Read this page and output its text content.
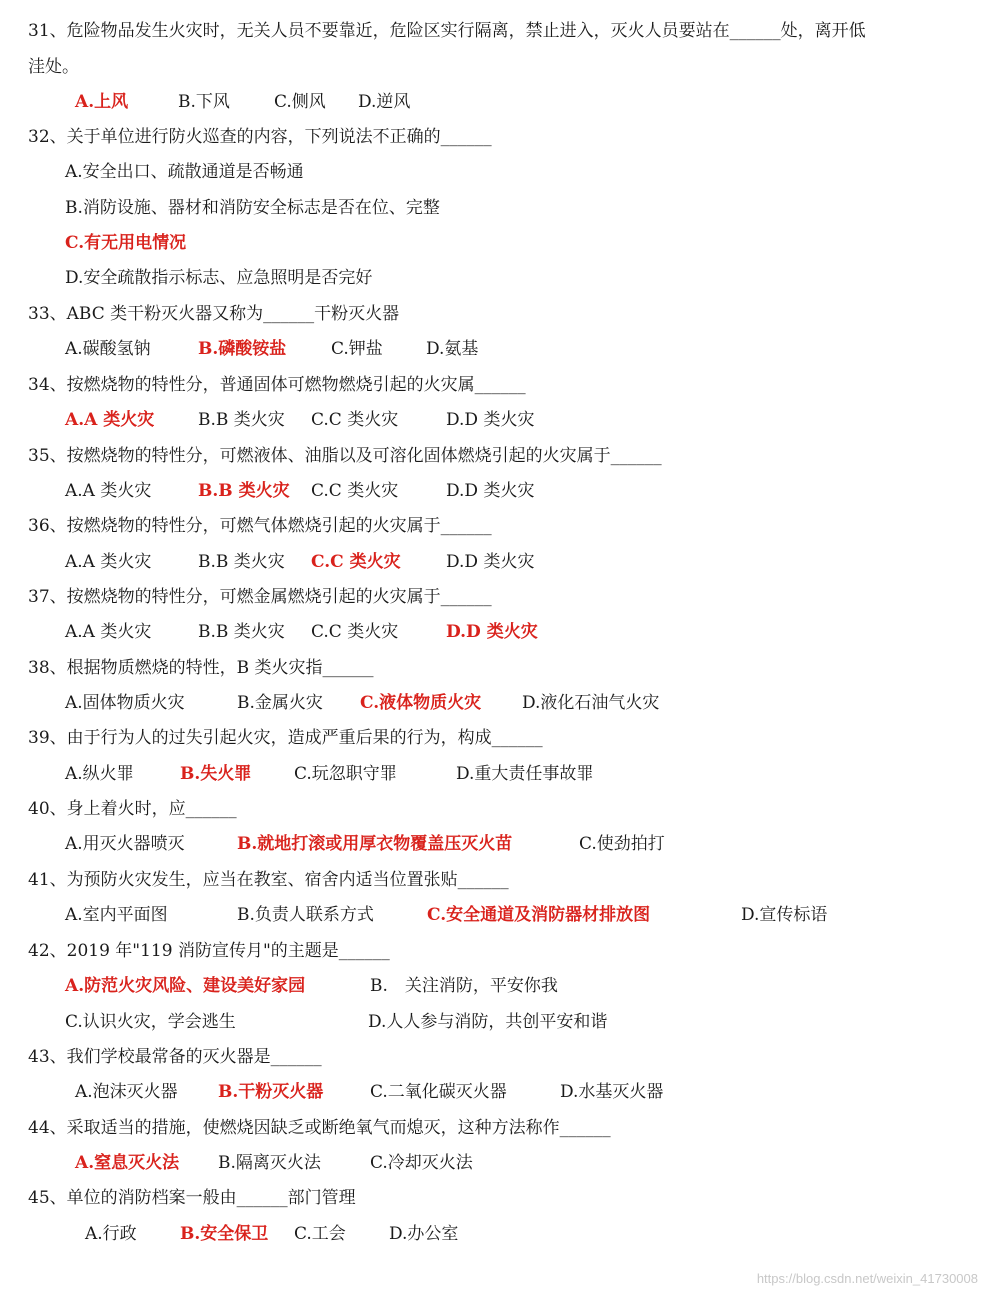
31、危险物品发生火灾时，无关人员不要靠近，危险区实行隔离，禁止进入，灭火人员要站在______处，离开低
洼处。
A.上风	B.下风	C.侧风 D.逆风
32、关于单位进行防火巡查的内容，下列说法不正确的______
A.安全出口、疏散通道是否畅通
B.消防设施、器材和消防安全标志是否在位、完整
C.有无用电情况
D.安全疏散指示标志、应急照明是否完好
33、ABC 类干粉灭火器又称为______干粉灭火器
A.碳酸氢钠	B.磷酸铵盐	C.钾盐	D.氨基
34、按燃烧物的特性分，普通固体可燃物燃烧引起的火灾属______
A.A 类火灾	B.B 类火灾 C.C 类火灾	D.D 类火灾
35、按燃烧物的特性分，可燃液体、油脂以及可溶化固体燃烧引起的火灾属于______
A.A 类火灾	B.B 类火灾 C.C 类火灾	D.D 类火灾
36、按燃烧物的特性分，可燃气体燃烧引起的火灾属于______
A.A 类火灾	B.B 类火灾 C.C 类火灾	D.D 类火灾
37、按燃烧物的特性分，可燃金属燃烧引起的火灾属于______
A.A 类火灾	B.B 类火灾 C.C 类火灾	D.D 类火灾
38、根据物质燃烧的特性，B 类火灾指______
A.固体物质火灾	B.金属火灾 C.液体物质火灾 D.液化石油气火灾
39、由于行为人的过失引起火灾，造成严重后果的行为，构成______
A.纵火罪	B.失火罪	C.玩忽职守罪	D.重大责任事故罪
40、身上着火时，应______
A.用灭火器喷灭	B.就地打滚或用厚衣物覆盖压灭火苗	C.使劲拍打
41、为预防火灾发生，应当在教室、宿舍内适当位置张贴______
A.室内平面图	B.负责人联系方式	C.安全通道及消防器材排放图	D.宣传标语
42、2019 年"119 消防宣传月"的主题是______
A.防范火灾风险、建设美好家园	B.　关注消防，平安你我
C.认识火灾，学会逃生	D.人人参与消防，共创平安和谐
43、我们学校最常备的灭火器是______
A.泡沫灭火器 B.干粉灭火器	C.二氧化碳灭火器	D.水基灭火器
44、采取适当的措施，使燃烧因缺乏或断绝氧气而熄灭，这种方法称作______
A.窒息灭火法 B.隔离灭火法	C.冷却灭火法
45、单位的消防档案一般由______部门管理
A.行政	B.安全保卫 C.工会	D.办公室
https://blog.csdn.net/weixin_41730008
